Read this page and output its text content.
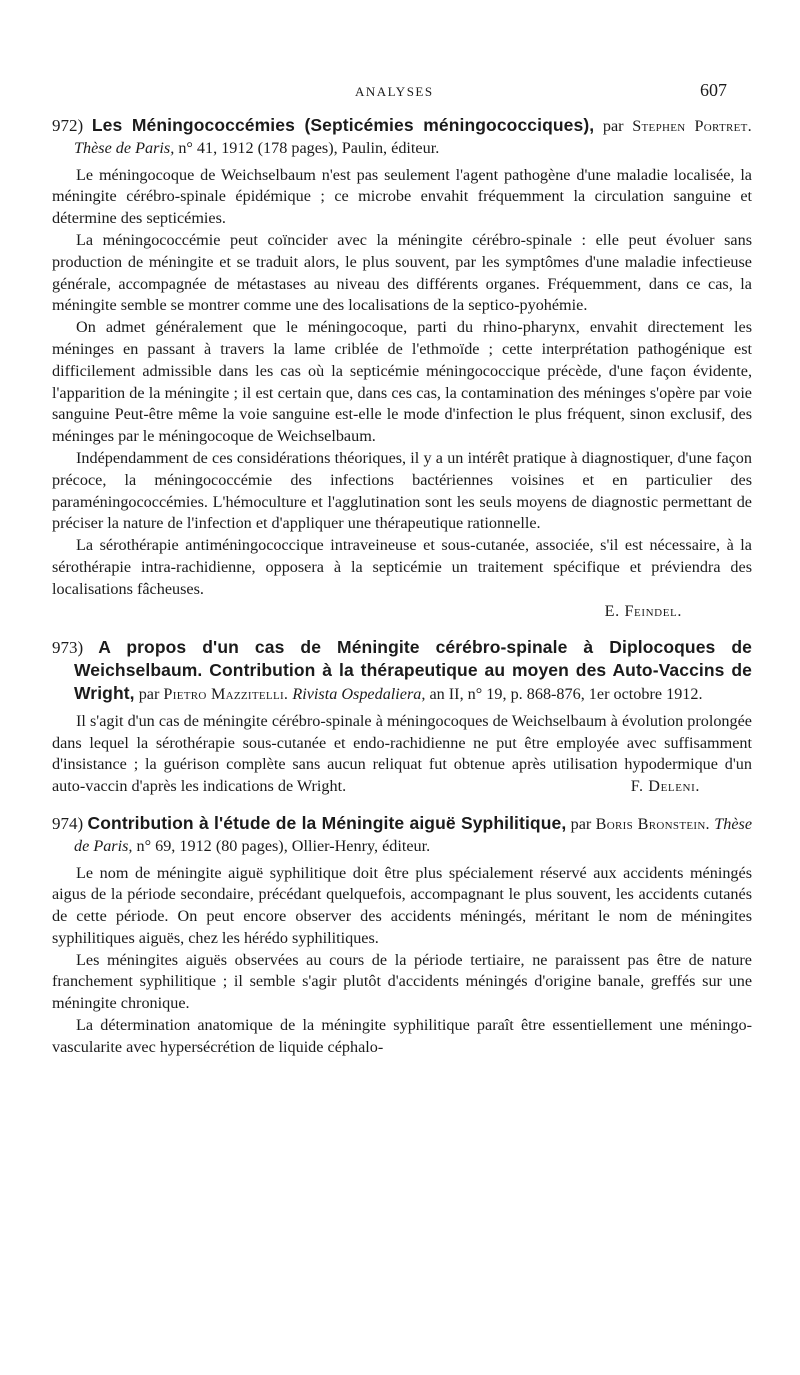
ANALYSES	607

972) Les Méningococcémies (Septicémies méningococciques), par Stephen Portret. Thèse de Paris, n° 41, 1912 (178 pages), Paulin, éditeur.

Le méningocoque de Weichselbaum n'est pas seulement l'agent pathogène d'une maladie localisée, la méningite cérébro-spinale épidémique ; ce microbe envahit fréquemment la circulation sanguine et détermine des septicémies.

La méningococcémie peut coïncider avec la méningite cérébro-spinale : elle peut évoluer sans production de méningite et se traduit alors, le plus souvent, par les symptômes d'une maladie infectieuse générale, accompagnée de métastases au niveau des différents organes. Fréquemment, dans ce cas, la méningite semble se montrer comme une des localisations de la septico-pyohémie.

On admet généralement que le méningocoque, parti du rhino-pharynx, envahit directement les méninges en passant à travers la lame criblée de l'ethmoïde ; cette interprétation pathogénique est difficilement admissible dans les cas où la septicémie méningococcique précède, d'une façon évidente, l'apparition de la méningite ; il est certain que, dans ces cas, la contamination des méninges s'opère par voie sanguine Peut-être même la voie sanguine est-elle le mode d'infection le plus fréquent, sinon exclusif, des méninges par le méningocoque de Weichselbaum.

Indépendamment de ces considérations théoriques, il y a un intérêt pratique à diagnostiquer, d'une façon précoce, la méningococcémie des infections bactériennes voisines et en particulier des paraméningococcémies. L'hémoculture et l'agglutination sont les seuls moyens de diagnostic permettant de préciser la nature de l'infection et d'appliquer une thérapeutique rationnelle.

La sérothérapie antiméningococcique intraveineuse et sous-cutanée, associée, s'il est nécessaire, à la sérothérapie intra-rachidienne, opposera à la septicémie un traitement spécifique et préviendra des localisations fâcheuses.

E. Feindel.

973) A propos d'un cas de Méningite cérébro-spinale à Diplocoques de Weichselbaum. Contribution à la thérapeutique au moyen des Auto-Vaccins de Wright, par Pietro Mazzitelli. Rivista Ospedaliera, an II, n° 19, p. 868-876, 1er octobre 1912.

Il s'agit d'un cas de méningite cérébro-spinale à méningocoques de Weichselbaum à évolution prolongée dans lequel la sérothérapie sous-cutanée et endo-rachidienne ne put être employée avec suffisamment d'insistance ; la guérison complète sans aucun reliquat fut obtenue après utilisation hypodermique d'un auto-vaccin d'après les indications de Wright.	F. Deleni.

974) Contribution à l'étude de la Méningite aiguë Syphilitique, par Boris Bronstein. Thèse de Paris, n° 69, 1912 (80 pages), Ollier-Henry, éditeur.

Le nom de méningite aiguë syphilitique doit être plus spécialement réservé aux accidents méningés aigus de la période secondaire, précédant quelquefois, accompagnant le plus souvent, les accidents cutanés de cette période. On peut encore observer des accidents méningés, méritant le nom de méningites syphilitiques aiguës, chez les hérédo syphilitiques.

Les méningites aiguës observées au cours de la période tertiaire, ne paraissent pas être de nature franchement syphilitique ; il semble s'agir plutôt d'accidents méningés d'origine banale, greffés sur une méningite chronique.

La détermination anatomique de la méningite syphilitique paraît être essentiellement une méningo-vascularite avec hypersécrétion de liquide céphalo-
